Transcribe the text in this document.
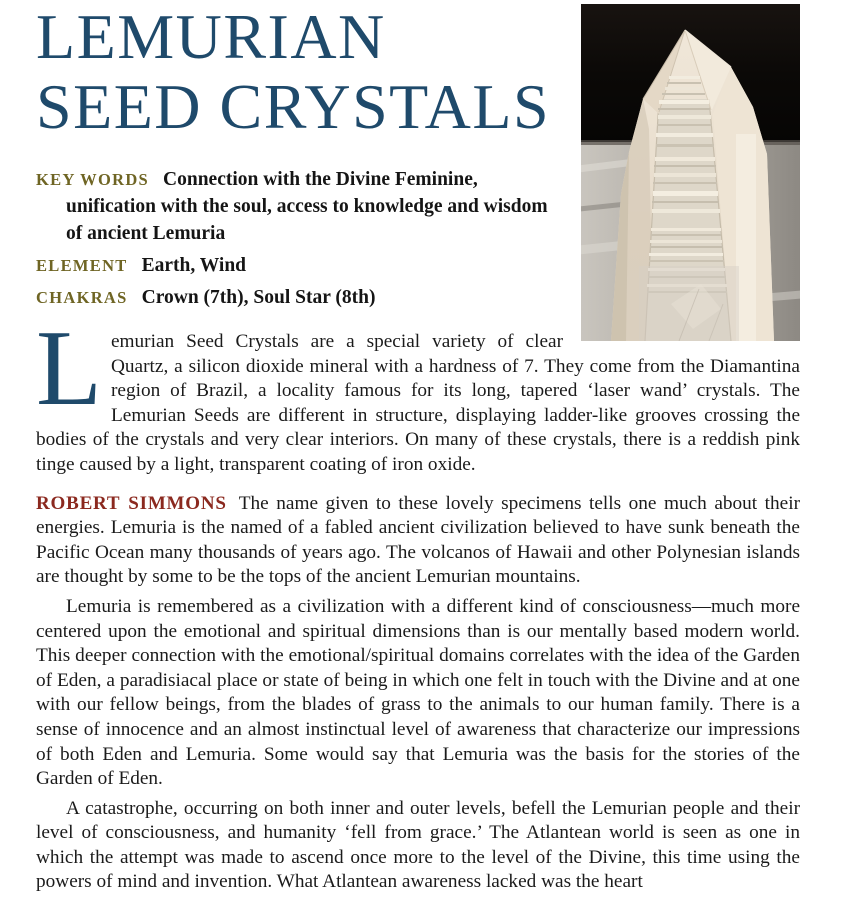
LEMURIAN
SEED CRYSTALS

KEY WORDS Connection with the Divine Feminine, unification with the soul, access to knowledge and wisdom of ancient Lemuria

ELEMENT Earth, Wind

CHAKRAS Crown (7th), Soul Star (8th)

Lemurian Seed Crystals are a special variety of clear Quartz, a silicon dioxide mineral with a hardness of 7. They come from the Diamantina region of Brazil, a locality famous for its long, tapered ‘laser wand’ crystals. The Lemurian Seeds are different in structure, displaying ladder-like grooves crossing the bodies of the crystals and very clear interiors. On many of these crystals, there is a reddish pink tinge caused by a light, transparent coating of iron oxide.

ROBERT SIMMONS The name given to these lovely specimens tells one much about their energies. Lemuria is the named of a fabled ancient civilization believed to have sunk beneath the Pacific Ocean many thousands of years ago. The volcanos of Hawaii and other Polynesian islands are thought by some to be the tops of the ancient Lemurian mountains.

Lemuria is remembered as a civilization with a different kind of consciousness—much more centered upon the emotional and spiritual dimensions than is our mentally based modern world. This deeper connection with the emotional/spiritual domains correlates with the idea of the Garden of Eden, a paradisiacal place or state of being in which one felt in touch with the Divine and at one with our fellow beings, from the blades of grass to the animals to our human family. There is a sense of innocence and an almost instinctual level of awareness that characterize our impressions of both Eden and Lemuria. Some would say that Lemuria was the basis for the stories of the Garden of Eden.

A catastrophe, occurring on both inner and outer levels, befell the Lemurian people and their level of consciousness, and humanity ‘fell from grace.’ The Atlantean world is seen as one in which the attempt was made to ascend once more to the level of the Divine, this time using the powers of mind and invention. What Atlantean awareness lacked was the heart
